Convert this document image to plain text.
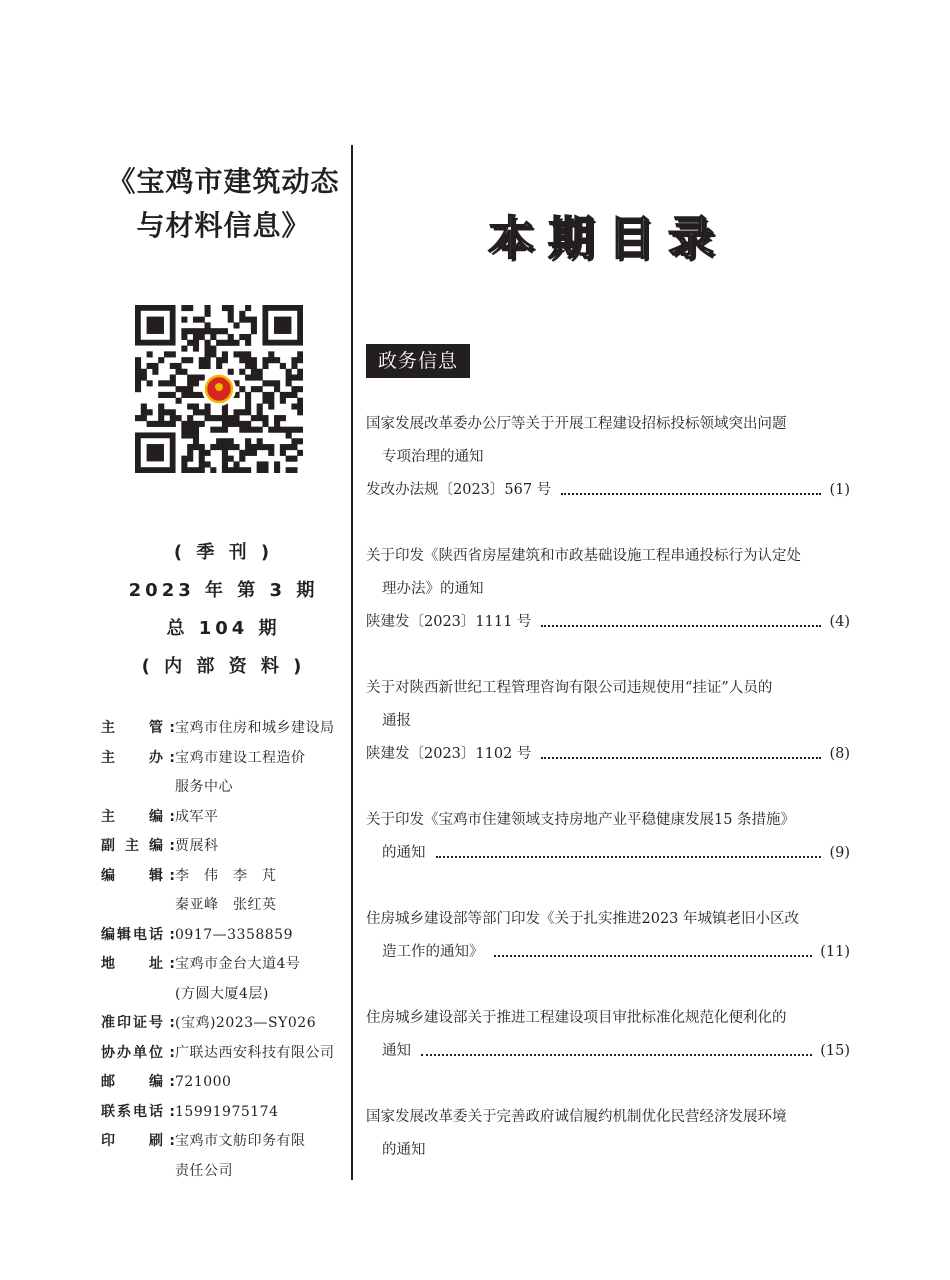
《宝鸡市建筑动态
与材料信息》
( 季 刊 )
2023 年 第 3 期
总 104 期
( 内 部 资 料 )
主 管 : 宝鸡市住房和城乡建设局
主 办 : 宝鸡市建设工程造价
服务中心
主 编 : 成军平
副 主 编 : 贾展科
编 辑 : 李　伟　李　芃
秦亚峰　张红英
编 辑 电 话 : 0917—3358859
地 址 : 宝鸡市金台大道4号
(方圆大厦4层)
准 印 证 号 : (宝鸡)2023—SY026
协 办 单 位 : 广联达西安科技有限公司
邮 编 : 721000
联 系 电 话 : 15991975174
印 刷 : 宝鸡市文舫印务有限
责任公司
本期目录
政务信息
国家发展改革委办公厅等关于开展工程建设招标投标领域突出问题
专项治理的通知
发改办法规〔2023〕567 号	(1)
关于印发《陕西省房屋建筑和市政基础设施工程串通投标行为认定处
理办法》的通知
陕建发〔2023〕1111 号	(4)
关于对陕西新世纪工程管理咨询有限公司违规使用“挂证”人员的
通报
陕建发〔2023〕1102 号	(8)
关于印发《宝鸡市住建领域支持房地产业平稳健康发展15 条措施》
的通知	(9)
住房城乡建设部等部门印发《关于扎实推进2023 年城镇老旧小区改
造工作的通知》	(11)
住房城乡建设部关于推进工程建设项目审批标准化规范化便利化的
通知	(15)
国家发展改革委关于完善政府诚信履约机制优化民营经济发展环境
的通知
